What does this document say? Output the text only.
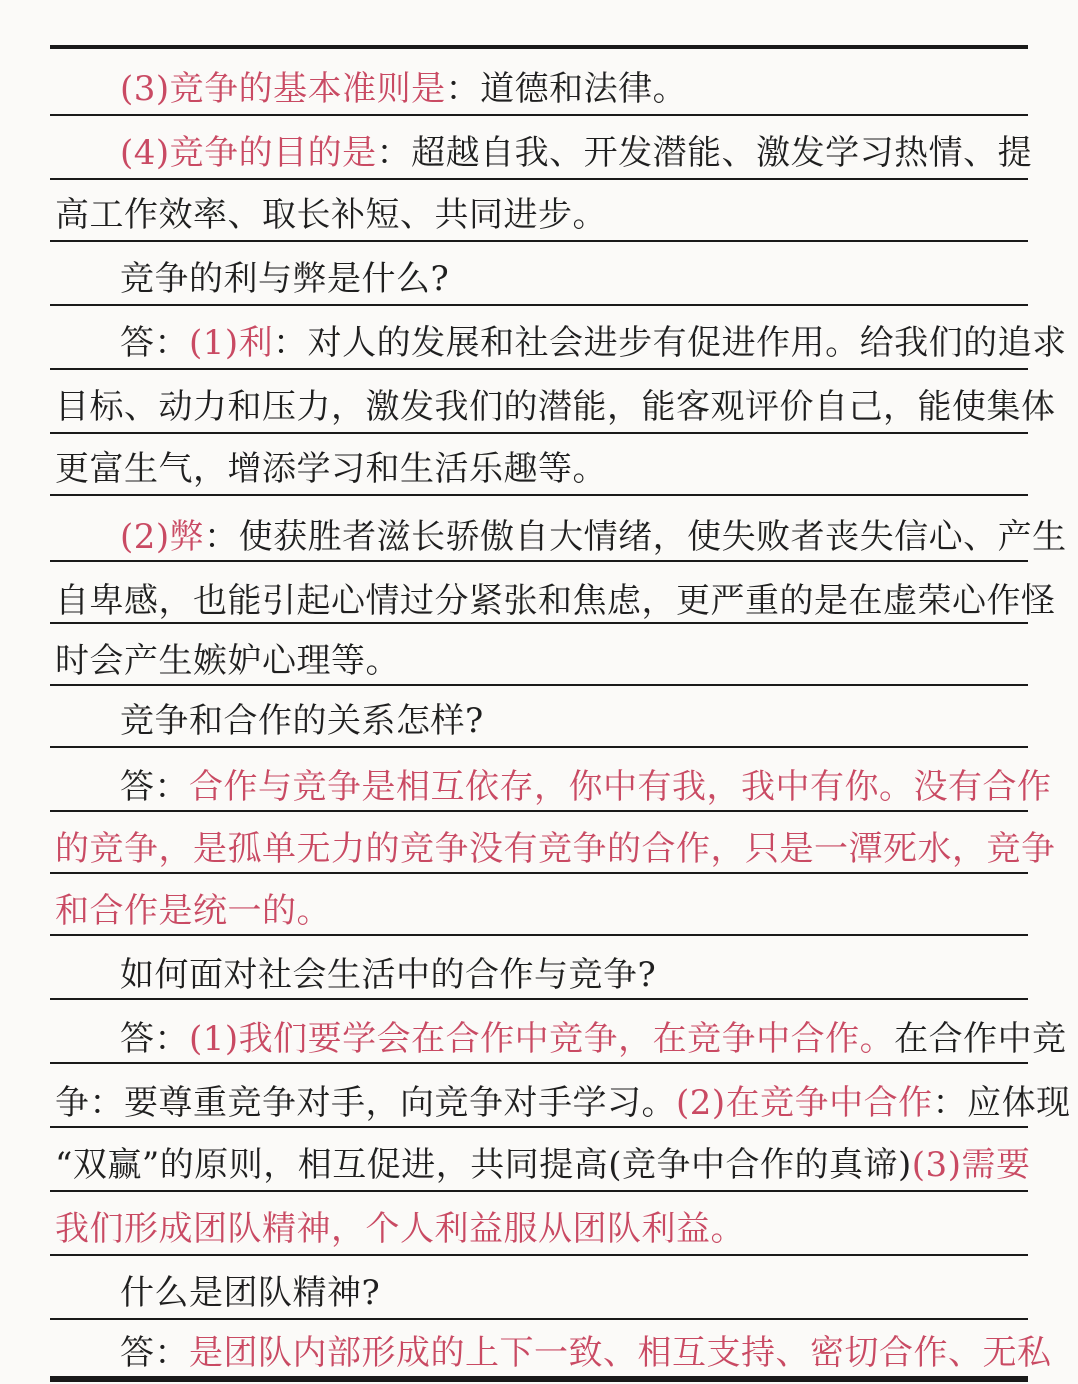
(3)竞争的基本准则是：道德和法律。
(4)竞争的目的是：超越自我、开发潜能、激发学习热情、提
高工作效率、取长补短、共同进步。
竞争的利与弊是什么?
答：(1)利：对人的发展和社会进步有促进作用。给我们的追求
目标、动力和压力，激发我们的潜能，能客观评价自己，能使集体
更富生气，增添学习和生活乐趣等。
(2)弊：使获胜者滋长骄傲自大情绪，使失败者丧失信心、产生
自卑感，也能引起心情过分紧张和焦虑，更严重的是在虚荣心作怪
时会产生嫉妒心理等。
竞争和合作的关系怎样?
答：合作与竞争是相互依存，你中有我，我中有你。没有合作
的竞争，是孤单无力的竞争没有竞争的合作，只是一潭死水，竞争
和合作是统一的。
如何面对社会生活中的合作与竞争?
答：(1)我们要学会在合作中竞争，在竞争中合作。在合作中竞
争：要尊重竞争对手，向竞争对手学习。(2)在竞争中合作：应体现
“双赢”的原则，相互促进，共同提高(竞争中合作的真谛)(3)需要
我们形成团队精神，个人利益服从团队利益。
什么是团队精神?
答：是团队内部形成的上下一致、相互支持、密切合作、无私
